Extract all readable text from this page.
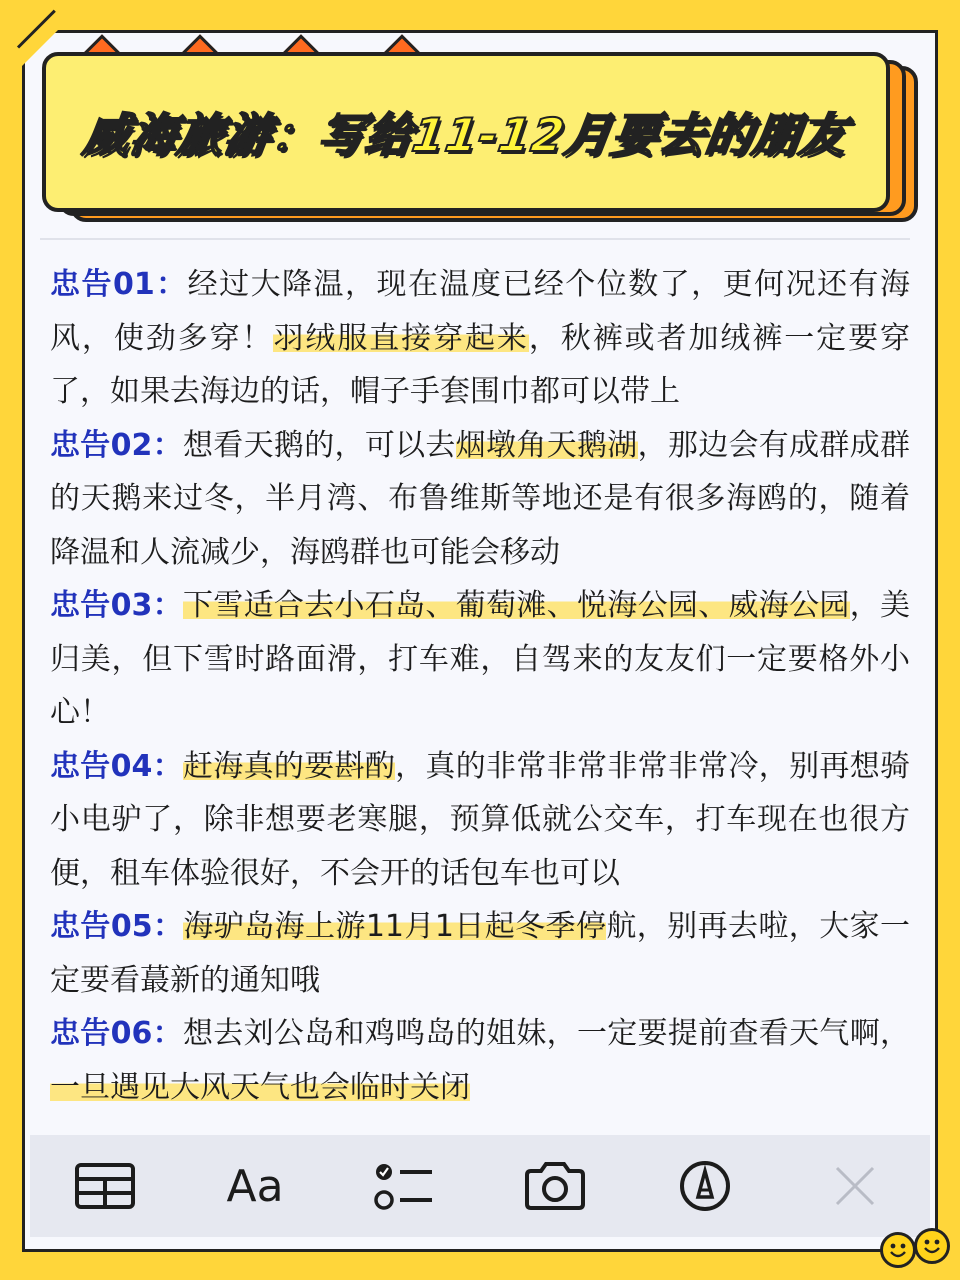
威海旅游：写给11-12月要去的朋友

忠告01：经过大降温，现在温度已经个位数了，更何况还有海风，使劲多穿！羽绒服直接穿起来，秋裤或者加绒裤一定要穿了，如果去海边的话，帽子手套围巾都可以带上

忠告02：想看天鹅的，可以去烟墩角天鹅湖，那边会有成群成群的天鹅来过冬，半月湾、布鲁维斯等地还是有很多海鸥的，随着降温和人流减少，海鸥群也可能会移动

忠告03：下雪适合去小石岛、葡萄滩、悦海公园、威海公园，美归美，但下雪时路面滑，打车难，自驾来的友友们一定要格外小心！

忠告04：赶海真的要斟酌，真的非常非常非常非常冷，别再想骑小电驴了，除非想要老寒腿，预算低就公交车，打车现在也很方便，租车体验很好，不会开的话包车也可以

忠告05：海驴岛海上游11月1日起冬季停航，别再去啦，大家一定要看蕞新的通知哦

忠告06：想去刘公岛和鸡鸣岛的姐妹，一定要提前查看天气啊，一旦遇见大风天气也会临时关闭

Aa
